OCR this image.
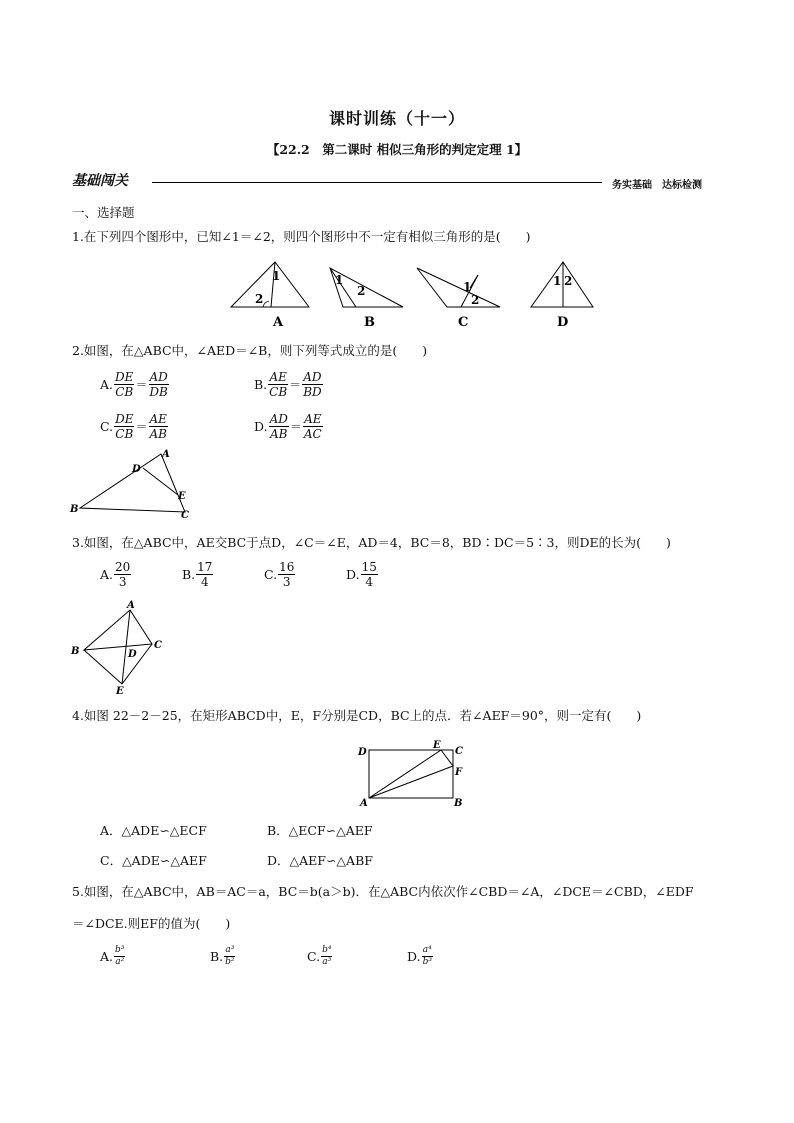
课时训练（十一）
【22.2　第二课时 相似三角形的判定定理 1】
基础闯关	务实基础　达标检测
一、选择题
1.在下列四个图形中，已知∠1＝∠2，则四个图形中不一定有相似三角形的是(　　)
1
2
A
1
2
B
1
2
C
1 2
D
2.如图，在△ABC中，∠AED＝∠B，则下列等式成立的是(　　)
A. $\frac{DE}{CB} = \frac{AD}{DB}$	B. $\frac{AE}{CB} = \frac{AD}{BD}$
C. $\frac{DE}{CB} = \frac{AE}{AB}$	D. $\frac{AD}{AB} = \frac{AE}{AC}$
A
D
E
B
C
3.如图，在△ABC中，AE交BC于点D，∠C＝∠E，AD＝4，BC＝8，BD∶DC＝5∶3，则DE的长为(　　)
A. $\frac{20}{3}$	B. $\frac{17}{4}$	C. $\frac{16}{3}$	D. $\frac{15}{4}$
A
B
C
D
E
4.如图 22－2－25，在矩形ABCD中，E，F分别是CD，BC上的点．若∠AEF＝90°，则一定有(　　)
D
E
C
F
A	B
A．△ADE∽△ECF	B．△ECF∽△AEF
C．△ADE∽△AEF	D．△AEF∽△ABF
5.如图，在△ABC中，AB＝AC＝a，BC＝b(a＞b)．在△ABC内依次作∠CBD＝∠A，∠DCE＝∠CBD，∠EDF
＝∠DCE.则EF的值为(　　)
A. $\frac{\text{b³}}{\text{a²}}$	B. $\frac{\text{a³}}{\text{b²}}$	C. $\frac{\text{b⁴}}{\text{a³}}$	D. $\frac{\text{a⁴}}{\text{b³}}$
